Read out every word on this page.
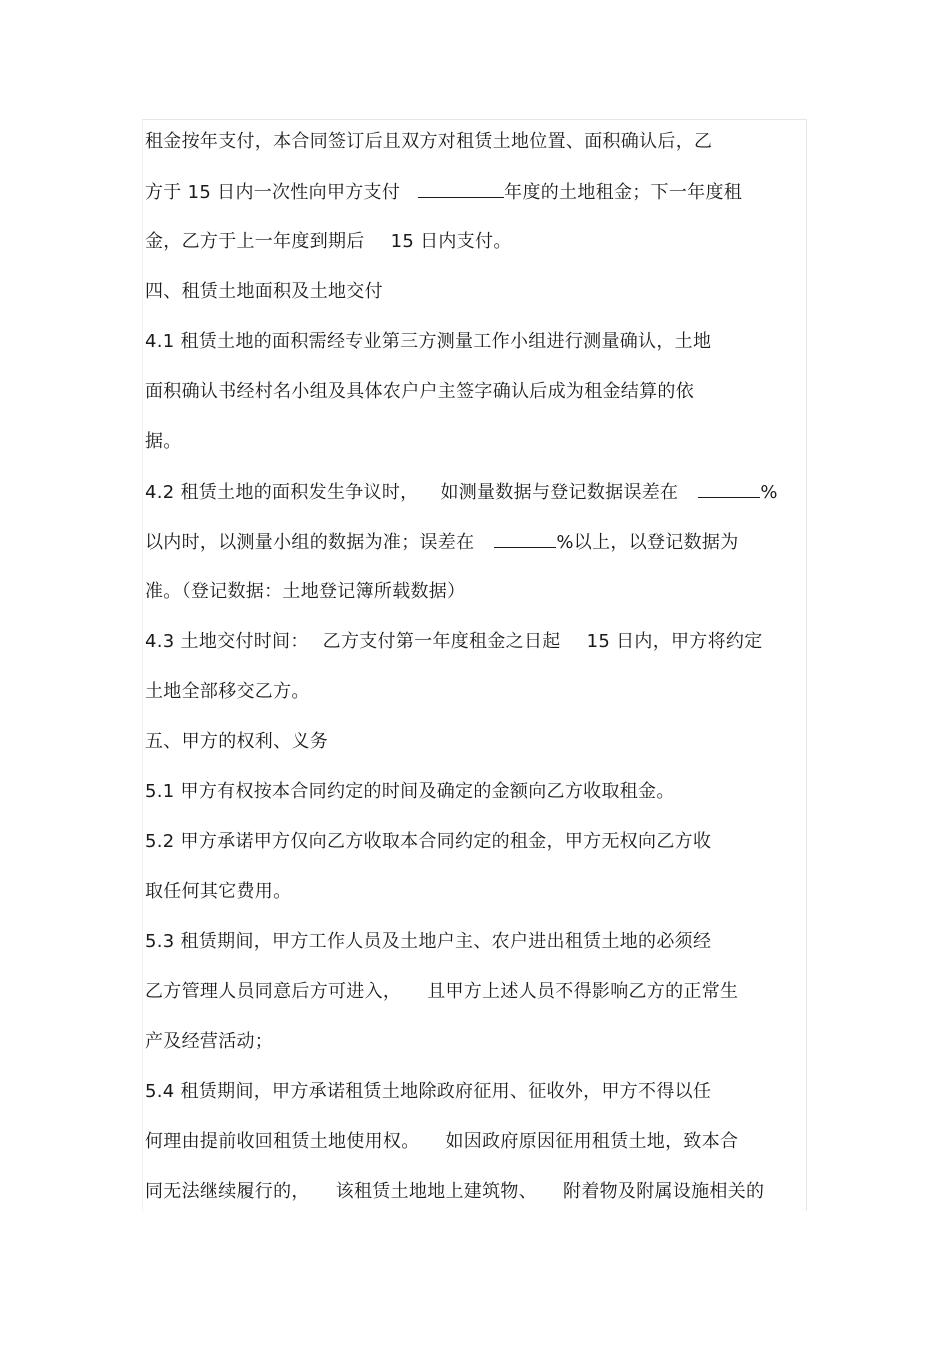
租金按年支付，本合同签订后且双方对租赁土地位置、面积确认后，乙
方于 15 日内一次性向甲方支付	年度的土地租金；下一年度租
金，乙方于上一年度到期后 15 日内支付。
四、租赁土地面积及土地交付
4.1 租赁土地的面积需经专业第三方测量工作小组进行测量确认，土地
面积确认书经村名小组及具体农户户主签字确认后成为租金结算的依
据。
4.2 租赁土地的面积发生争议时， 如测量数据与登记数据误差在	%
以内时，以测量小组的数据为准；误差在	%以上，以登记数据为
准。（登记数据：土地登记簿所载数据）
4.3 土地交付时间： 乙方支付第一年度租金之日起 15 日内，甲方将约定
土地全部移交乙方。
五、甲方的权利、义务
5.1 甲方有权按本合同约定的时间及确定的金额向乙方收取租金。
5.2 甲方承诺甲方仅向乙方收取本合同约定的租金，甲方无权向乙方收
取任何其它费用。
5.3 租赁期间，甲方工作人员及土地户主、农户进出租赁土地的必须经
乙方管理人员同意后方可进入， 且甲方上述人员不得影响乙方的正常生
产及经营活动；
5.4 租赁期间，甲方承诺租赁土地除政府征用、征收外，甲方不得以任
何理由提前收回租赁土地使用权。 如因政府原因征用租赁土地，致本合
同无法继续履行的， 该租赁土地地上建筑物、 附着物及附属设施相关的
